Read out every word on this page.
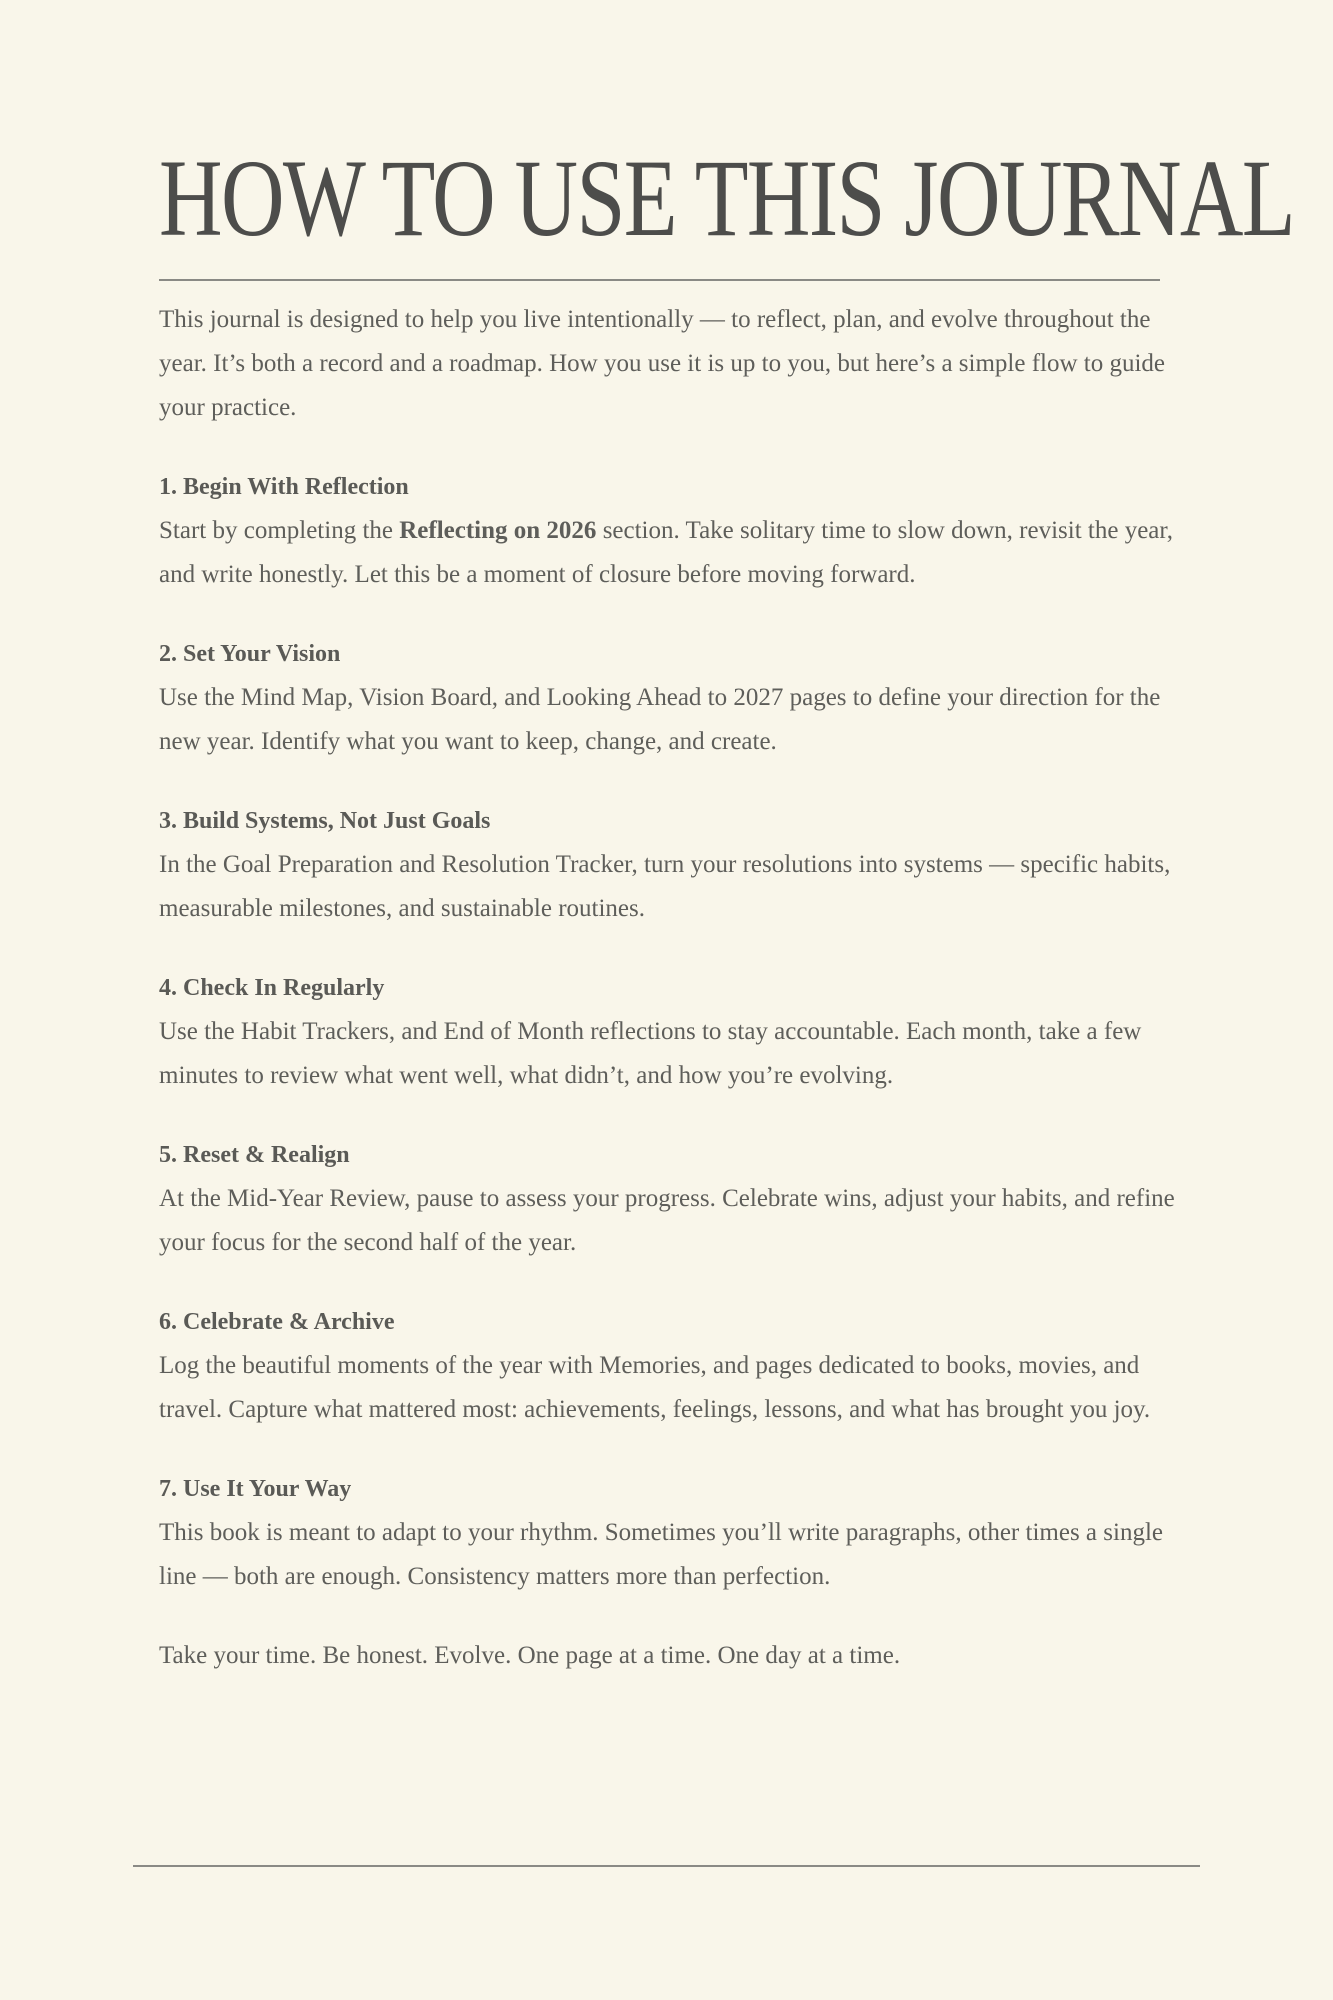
HOW TO USE THIS JOURNAL

This journal is designed to help you live intentionally — to reflect, plan, and evolve throughout the year. It’s both a record and a roadmap. How you use it is up to you, but here’s a simple flow to guide your practice.

1. Begin With Reflection

Start by completing the Reflecting on 2026 section. Take solitary time to slow down, revisit the year, and write honestly. Let this be a moment of closure before moving forward.

2. Set Your Vision

Use the Mind Map, Vision Board, and Looking Ahead to 2027 pages to define your direction for the new year. Identify what you want to keep, change, and create.

3. Build Systems, Not Just Goals

In the Goal Preparation and Resolution Tracker, turn your resolutions into systems — specific habits, measurable milestones, and sustainable routines.

4. Check In Regularly

Use the Habit Trackers, and End of Month reflections to stay accountable. Each month, take a few minutes to review what went well, what didn’t, and how you’re evolving.

5. Reset & Realign

At the Mid-Year Review, pause to assess your progress. Celebrate wins, adjust your habits, and refine your focus for the second half of the year.

6. Celebrate & Archive

Log the beautiful moments of the year with Memories, and pages dedicated to books, movies, and travel. Capture what mattered most: achievements, feelings, lessons, and what has brought you joy.

7. Use It Your Way

This book is meant to adapt to your rhythm. Sometimes you’ll write paragraphs, other times a single line — both are enough. Consistency matters more than perfection.

Take your time. Be honest. Evolve. One page at a time. One day at a time.
